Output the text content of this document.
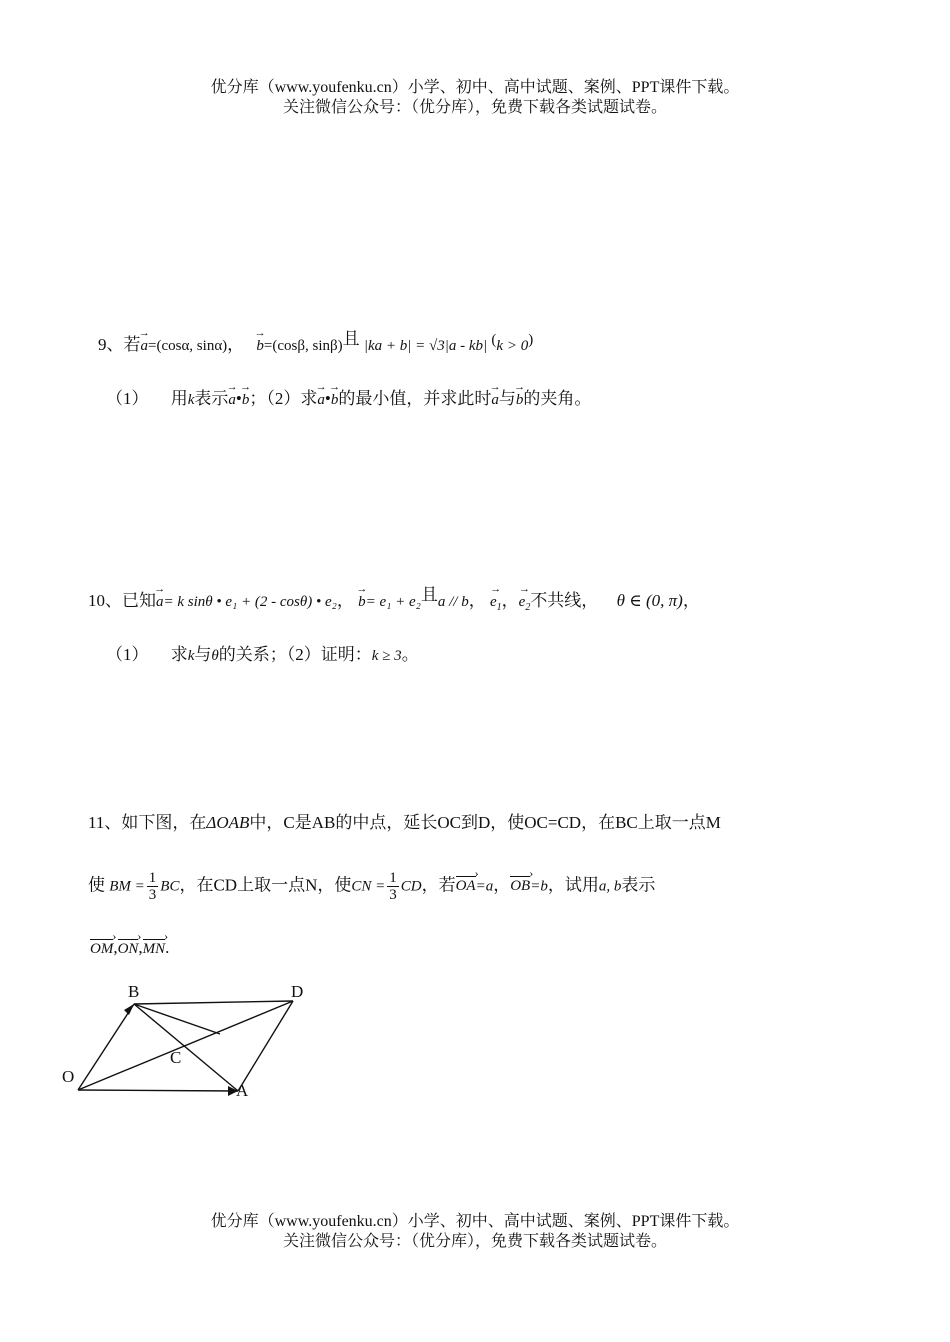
优分库（www.youfenku.cn）小学、初中、高中试题、案例、PPT课件下载。
关注微信公众号：（优分库），免费下载各类试题试卷。
9、若→ a=(cosα, sinα)， → b=(cosβ, sinβ)且 |ka + b| = √3|a - kb| (k > 0)
（1） 用k表示→ a•→ b；（2）求→ a•→ b的最小值，并求此时→ a与→ b的夹角。
10、已知→ a= k sinθ • e₁ + (2 - cosθ) • e₂， → b= e₁ + e₂且a // b， → $e_1$，→ $e_2$不共线， θ ∈ (0, π)，
（1） 求k与θ的关系；（2）证明：k ≥ 3。
11、如下图，在ΔOAB中，C是AB的中点，延长OC到D，使OC=CD，在BC上取一点M
使 BM = $\frac{1}{3}$ BC，在CD上取一点N，使CN = $\frac{1}{3}$ CD，若OA ›=a，OB ›=b，试用a, b表示
OM ›,ON ›,MN ›.
B	D
O
C
A
优分库（www.youfenku.cn）小学、初中、高中试题、案例、PPT课件下载。
关注微信公众号：（优分库），免费下载各类试题试卷。
